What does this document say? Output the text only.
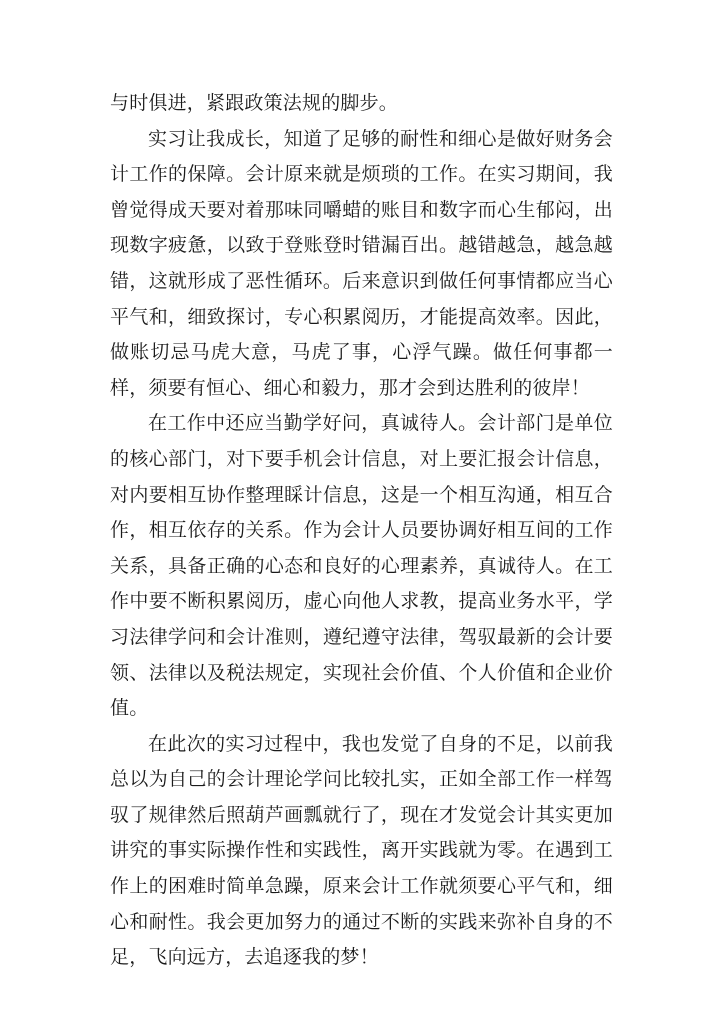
与时俱进，紧跟政策法规的脚步。

实习让我成长，知道了足够的耐性和细心是做好财务会计工作的保障。会计原来就是烦琐的工作。在实习期间，我曾觉得成天要对着那味同嚼蜡的账目和数字而心生郁闷，出现数字疲惫，以致于登账登时错漏百出。越错越急，越急越错，这就形成了恶性循环。后来意识到做任何事情都应当心平气和，细致探讨，专心积累阅历，才能提高效率。因此，做账切忌马虎大意，马虎了事，心浮气躁。做任何事都一样，须要有恒心、细心和毅力，那才会到达胜利的彼岸！

在工作中还应当勤学好问，真诚待人。会计部门是单位的核心部门，对下要手机会计信息，对上要汇报会计信息，对内要相互协作整理睬计信息，这是一个相互沟通，相互合作，相互依存的关系。作为会计人员要协调好相互间的工作关系，具备正确的心态和良好的心理素养，真诚待人。在工作中要不断积累阅历，虚心向他人求教，提高业务水平，学习法律学问和会计准则，遵纪遵守法律，驾驭最新的会计要领、法律以及税法规定，实现社会价值、个人价值和企业价值。

在此次的实习过程中，我也发觉了自身的不足，以前我总以为自己的会计理论学问比较扎实，正如全部工作一样驾驭了规律然后照葫芦画瓢就行了，现在才发觉会计其实更加讲究的事实际操作性和实践性，离开实践就为零。在遇到工作上的困难时简单急躁，原来会计工作就须要心平气和，细心和耐性。我会更加努力的通过不断的实践来弥补自身的不足，飞向远方，去追逐我的梦！
